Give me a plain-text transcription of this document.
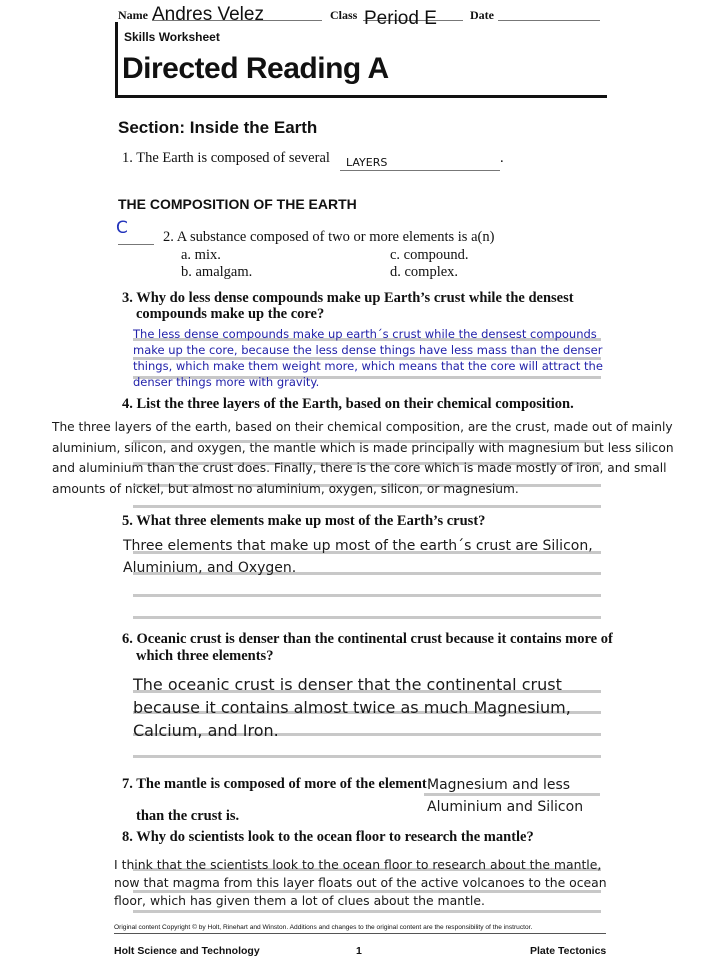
Name Andres Velez	Class Period E	Date
Skills Worksheet
Directed Reading A
Section: Inside the Earth
1. The Earth is composed of several	.
LAYERS
THE COMPOSITION OF THE EARTH
C 2. A substance composed of two or more elements is a(n)
a. mix.	c. compound.
b. amalgam.	d. complex.
3. Why do less dense compounds make up Earth’s crust while the densest
compounds make up the core?
The less dense compounds make up earth´s crust while the densest compounds make up the core, because the less dense things have less mass than the denser things, which make them weight more, which means that the core will attract the denser things more with gravity.
4. List the three layers of the Earth, based on their chemical composition.
The three layers of the earth, based on their chemical composition, are the crust, made out of mainly aluminium, silicon, and oxygen, the mantle which is made principally with magnesium but less silicon and aluminium than the crust does. Finally, there is the core which is made mostly of iron, and small amounts of nickel, but almost no aluminium, oxygen, silicon, or magnesium.
5. What three elements make up most of the Earth’s crust?
Three elements that make up most of the earth´s crust are Silicon, Aluminium, and Oxygen.
6. Oceanic crust is denser than the continental crust because it contains more of
which three elements?
The oceanic crust is denser that the continental crust because it contains almost twice as much Magnesium, Calcium, and Iron.
7. The mantle is composed of more of the element
than the crust is.
Magnesium and less Aluminium and Silicon
8. Why do scientists look to the ocean floor to research the mantle?
I think that the scientists look to the ocean floor to research about the mantle, now that magma from this layer floats out of the active volcanoes to the ocean floor, which has given them a lot of clues about the mantle.
Original content Copyright © by Holt, Rinehart and Winston. Additions and changes to the original content are the responsibility of the instructor.
Holt Science and Technology	1	Plate Tectonics
